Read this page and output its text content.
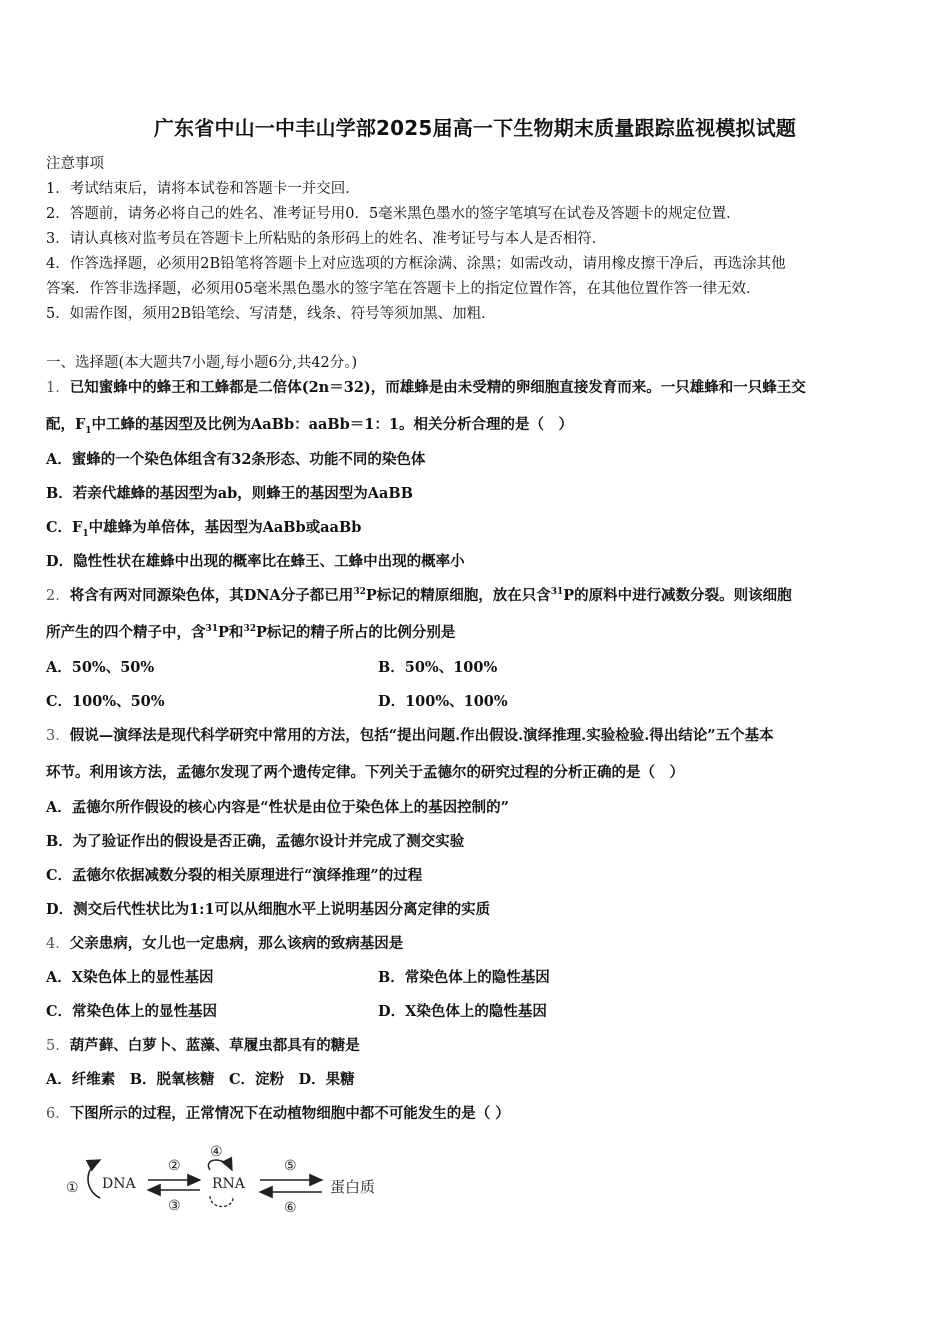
广东省中山一中丰山学部2025届高一下生物期末质量跟踪监视模拟试题
注意事项
1．考试结束后，请将本试卷和答题卡一并交回．
2．答题前，请务必将自己的姓名、准考证号用0．5毫米黑色墨水的签字笔填写在试卷及答题卡的规定位置．
3．请认真核对监考员在答题卡上所粘贴的条形码上的姓名、准考证号与本人是否相符．
4．作答选择题，必须用2B铅笔将答题卡上对应选项的方框涂满、涂黑；如需改动，请用橡皮擦干净后，再选涂其他
答案．作答非选择题，必须用05毫米黑色墨水的签字笔在答题卡上的指定位置作答，在其他位置作答一律无效．
5．如需作图，须用2B铅笔绘、写清楚，线条、符号等须加黑、加粗．
一、选择题(本大题共7小题,每小题6分,共42分。)
1．已知蜜蜂中的蜂王和工蜂都是二倍体(2n＝32)，而雄蜂是由未受精的卵细胞直接发育而来。一只雄蜂和一只蜂王交
配，$F_1$中工蜂的基因型及比例为AaBb：aaBb＝1：1。相关分析合理的是（　）
A．蜜蜂的一个染色体组含有32条形态、功能不同的染色体
B．若亲代雄蜂的基因型为ab，则蜂王的基因型为AaBB
C．$F_1$中雄蜂为单倍体，基因型为AaBb或aaBb
D．隐性性状在雄蜂中出现的概率比在蜂王、工蜂中出现的概率小
2．将含有两对同源染色体，其DNA分子都已用$^{32}$P标记的精原细胞，放在只含$^{31}$P的原料中进行减数分裂。则该细胞
所产生的四个精子中，含$^{31}$P和$^{32}$P标记的精子所占的比例分别是
A．50%、50%	B．50%、100%
C．100%、50%	D．100%、100%
3．假说—演绎法是现代科学研究中常用的方法，包括“提出问题.作出假设.演绎推理.实验检验.得出结论”五个基本
环节。利用该方法，孟德尔发现了两个遗传定律。下列关于孟德尔的研究过程的分析正确的是（　）
A．孟德尔所作假设的核心内容是“性状是由位于染色体上的基因控制的”
B．为了验证作出的假设是否正确，孟德尔设计并完成了测交实验
C．孟德尔依据减数分裂的相关原理进行“演绎推理”的过程
D．测交后代性状比为1:1可以从细胞水平上说明基因分离定律的实质
4．父亲患病，女儿也一定患病，那么该病的致病基因是
A．X染色体上的显性基因	B．常染色体上的隐性基因
C．常染色体上的显性基因	D．X染色体上的隐性基因
5．葫芦藓、白萝卜、蓝藻、草履虫都具有的糖是
A．纤维素　B．脱氧核糖　C．淀粉　D．果糖
6．下图所示的过程，正常情况下在动植物细胞中都不可能发生的是（ ）
① DNA
②
③
④
RNA
⑤
⑥
蛋白质
